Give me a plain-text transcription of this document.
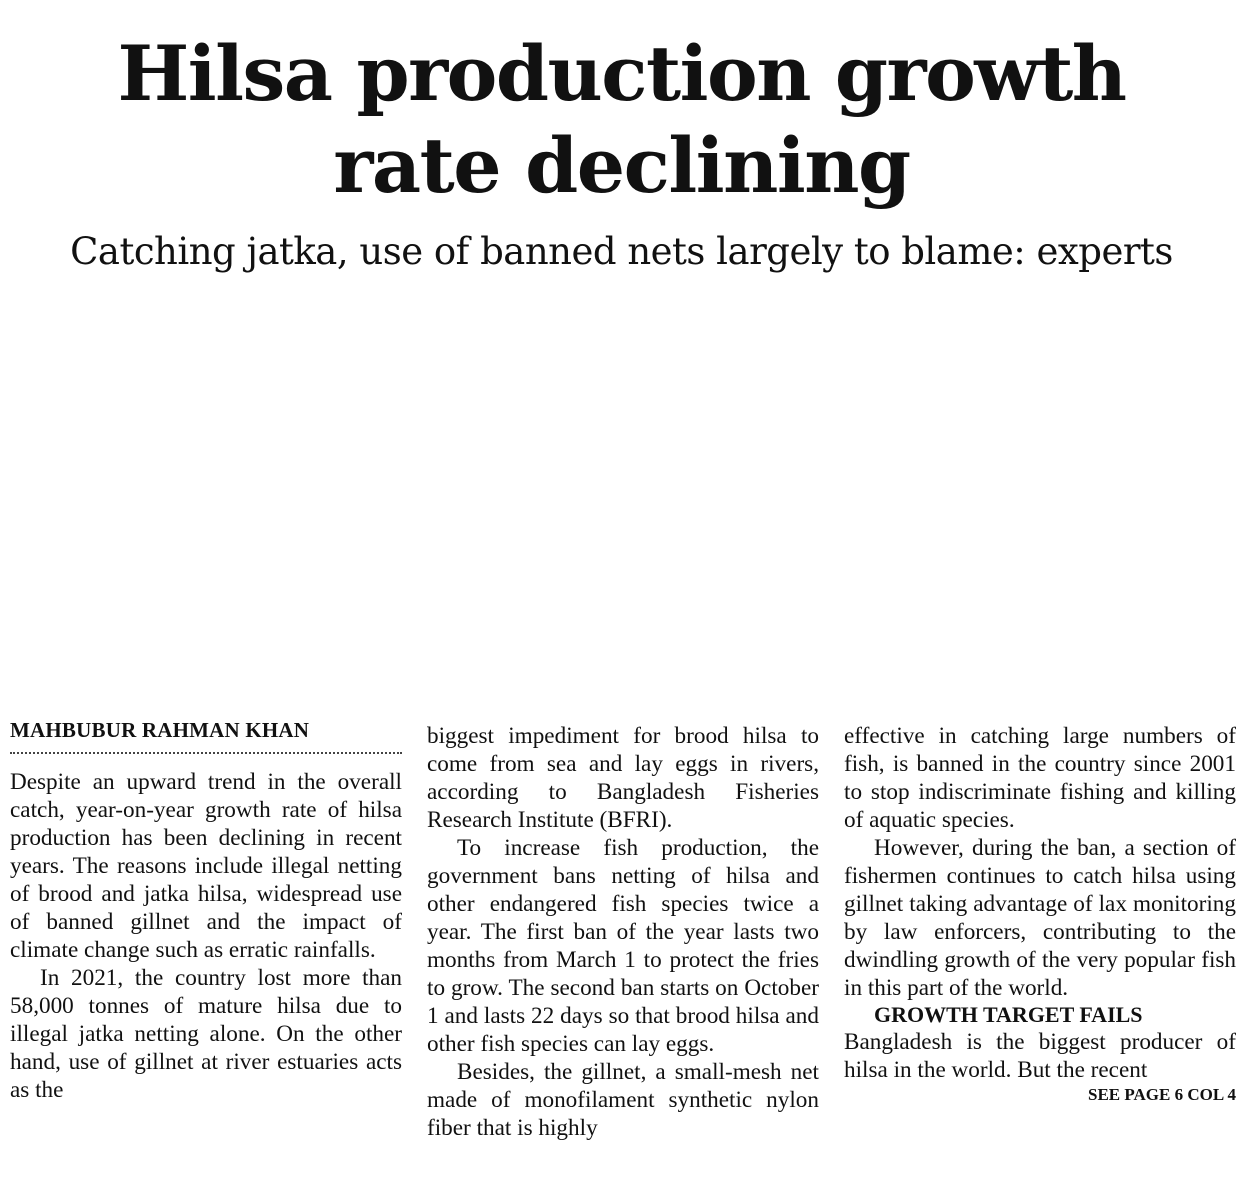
Hilsa production growth
rate declining
Catching jatka, use of banned nets largely to blame: experts
MAHBUBUR RAHMAN KHAN

Despite an upward trend in the overall catch, year-on-year growth rate of hilsa production has been declining in recent years. The reasons include illegal netting of brood and jatka hilsa, widespread use of banned gillnet and the impact of climate change such as erratic rainfalls.

In 2021, the country lost more than 58,000 tonnes of mature hilsa due to illegal jatka netting alone. On the other hand, use of gillnet at river estuaries acts as the

biggest impediment for brood hilsa to come from sea and lay eggs in rivers, according to Bangladesh Fisheries Research Institute (BFRI).

To increase fish production, the government bans netting of hilsa and other endangered fish species twice a year. The first ban of the year lasts two months from March 1 to protect the fries to grow. The second ban starts on October 1 and lasts 22 days so that brood hilsa and other fish species can lay eggs.

Besides, the gillnet, a small-mesh net made of monofilament synthetic nylon fiber that is highly

effective in catching large numbers of fish, is banned in the country since 2001 to stop indiscriminate fishing and killing of aquatic species.

However, during the ban, a section of fishermen continues to catch hilsa using gillnet taking advantage of lax monitoring by law enforcers, contributing to the dwindling growth of the very popular fish in this part of the world.

GROWTH TARGET FAILS

Bangladesh is the biggest producer of hilsa in the world. But the recent

SEE PAGE 6 COL 4
